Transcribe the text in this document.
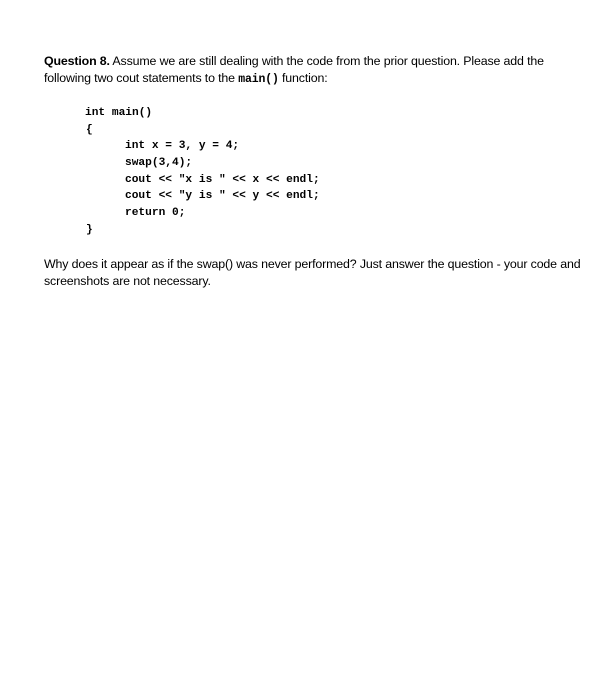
Question 8. Assume we are still dealing with the code from the prior question. Please add the following two cout statements to the main() function:

int main()
{
int x = 3, y = 4;
swap(3,4);
cout << "x is " << x << endl;
cout << "y is " << y << endl;
return 0;
}

Why does it appear as if the swap() was never performed? Just answer the question - your code and screenshots are not necessary.
